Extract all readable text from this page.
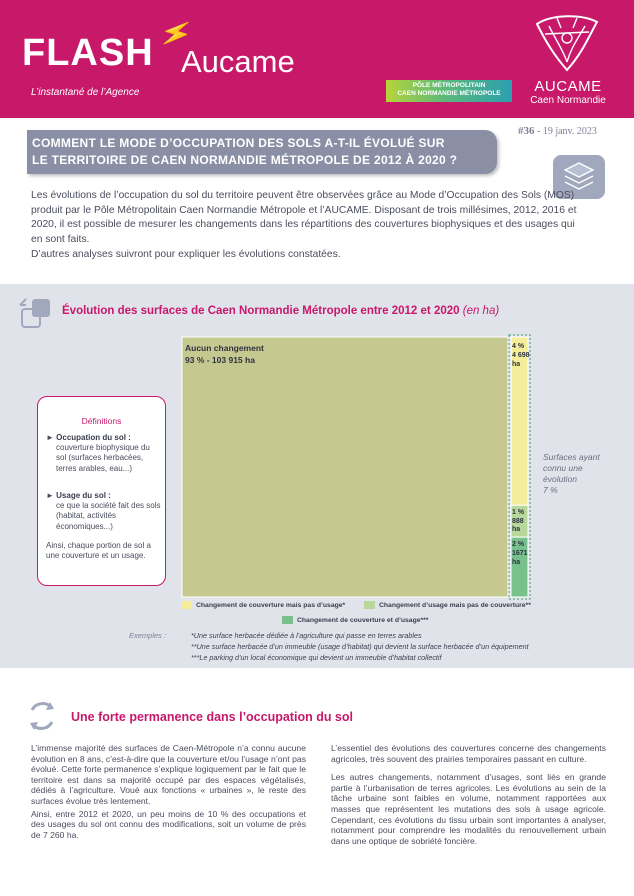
FLASH ⚡
Aucame
L’instantané de l’Agence
PÔLE MÉTROPOLITAIN
CAEN NORMANDIE MÉTROPOLE	AUCAME
Caen Normandie
COMMENT LE MODE D’OCCUPATION DES SOLS A-T-IL ÉVOLUÉ SUR
LE TERRITOIRE DE CAEN NORMANDIE MÉTROPOLE DE 2012 À 2020 ?
#36 - 19 janv. 2023
Les évolutions de l’occupation du sol du territoire peuvent être observées grâce au Mode d’Occupation des Sols (MOS) produit par le Pôle Métropolitain Caen Normandie Métropole et l’AUCAME. Disposant de trois millésimes, 2012, 2016 et 2020, il est possible de mesurer les changements dans les répartitions des couvertures biophysiques et des usages qui en sont faits.
D’autres analyses suivront pour expliquer les évolutions constatées.
Évolution des surfaces de Caen Normandie Métropole entre 2012 et 2020 (en ha)
Aucun changement
93 % - 103 915 ha
4 %
4 698
ha
1 %
888
ha
2 %
1671
ha
Surfaces ayant connu une évolution
7 %
Définitions
► Occupation du sol :
couverture biophysique du sol (surfaces herbacées, terres arables, eau...)
► Usage du sol :
ce que la société fait des sols (habitat, activités économiques...)
Ainsi, chaque portion de sol a une couverture et un usage.
Changement de couverture mais pas d’usage*	Changement d’usage mais pas de couverture**
Changement de couverture et d’usage***
Exemples :	*Une surface herbacée dédiée à l’agriculture qui passe en terres arables
**Une surface herbacée d’un immeuble (usage d’habitat) qui devient la surface herbacée d’un équipement
***Le parking d’un local économique qui devient un immeuble d’habitat collectif
Une forte permanence dans l’occupation du sol
L’immense majorité des surfaces de Caen-Métropole n’a connu aucune évolution en 8 ans, c’est-à-dire que la couverture et/ou l’usage n’ont pas évolué. Cette forte permanence s’explique logiquement par le fait que le territoire est dans sa majorité occupé par des espaces végétalisés, dédiés à l’agriculture. Voué aux fonctions « urbaines », le reste des surfaces évolue très lentement.
Ainsi, entre 2012 et 2020, un peu moins de 10 % des occupations et des usages du sol ont connu des modifications, soit un volume de près de 7 260 ha.
L’essentiel des évolutions des couvertures concerne des changements agricoles, très souvent des prairies temporaires passant en culture.
Les autres changements, notamment d’usages, sont liés en grande partie à l’urbanisation de terres agricoles. Les évolutions au sein de la tâche urbaine sont faibles en volume, notamment rapportées aux masses que représentent les mutations des sols à usage agricole. Cependant, ces évolutions du tissu urbain sont importantes à analyser, notamment pour comprendre les modalités du renouvellement urbain dans une optique de sobriété foncière.
